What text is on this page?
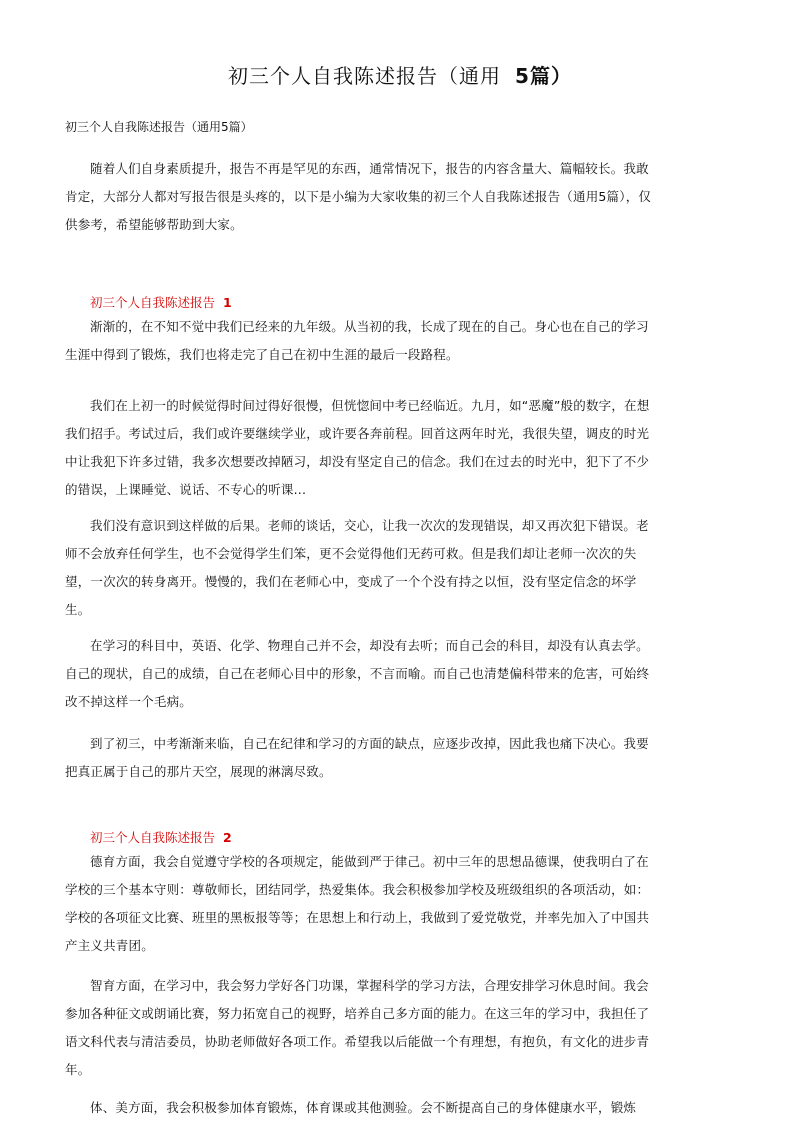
初三个人自我陈述报告（通用 5篇）
初三个人自我陈述报告（通用5篇）
随着人们自身素质提升，报告不再是罕见的东西，通常情况下，报告的内容含量大、篇幅较长。我敢肯定，大部分人都对写报告很是头疼的，以下是小编为大家收集的初三个人自我陈述报告（通用5篇），仅供参考，希望能够帮助到大家。
初三个人自我陈述报告 1
渐渐的，在不知不觉中我们已经来的九年级。从当初的我，长成了现在的自己。身心也在自己的学习生涯中得到了锻炼，我们也将走完了自己在初中生涯的最后一段路程。
我们在上初一的时候觉得时间过得好很慢，但恍惚间中考已经临近。九月，如“恶魔”般的数字，在想我们招手。考试过后，我们或许要继续学业，或许要各奔前程。回首这两年时光，我很失望，调皮的时光中让我犯下许多过错，我多次想要改掉陋习，却没有坚定自己的信念。我们在过去的时光中，犯下了不少的错误，上课睡觉、说话、不专心的听课...
我们没有意识到这样做的后果。老师的谈话，交心，让我一次次的发现错误，却又再次犯下错误。老师不会放弃任何学生，也不会觉得学生们笨，更不会觉得他们无药可救。但是我们却让老师一次次的失望，一次次的转身离开。慢慢的，我们在老师心中，变成了一个个没有持之以恒，没有坚定信念的坏学生。
在学习的科目中，英语、化学、物理自己并不会，却没有去听；而自己会的科目，却没有认真去学。自己的现状，自己的成绩，自己在老师心目中的形象，不言而喻。而自己也清楚偏科带来的危害，可始终改不掉这样一个毛病。
到了初三，中考渐渐来临，自己在纪律和学习的方面的缺点，应逐步改掉，因此我也痛下决心。我要把真正属于自己的那片天空，展现的淋漓尽致。
初三个人自我陈述报告 2
德育方面，我会自觉遵守学校的各项规定，能做到严于律己。初中三年的思想品德课，使我明白了在学校的三个基本守则：尊敬师长，团结同学，热爱集体。我会积极参加学校及班级组织的各项活动，如：学校的各项征文比赛、班里的黑板报等等；在思想上和行动上，我做到了爱党敬党，并率先加入了中国共产主义共青团。
智育方面，在学习中，我会努力学好各门功课，掌握科学的学习方法，合理安排学习休息时间。我会参加各种征文或朗诵比赛，努力拓宽自己的视野，培养自己多方面的能力。在这三年的学习中，我担任了语文科代表与清洁委员，协助老师做好各项工作。希望我以后能做一个有理想，有抱负，有文化的进步青年。
体、美方面，我会积极参加体育锻炼，体育课或其他测验。会不断提高自己的身体健康水平，锻炼
